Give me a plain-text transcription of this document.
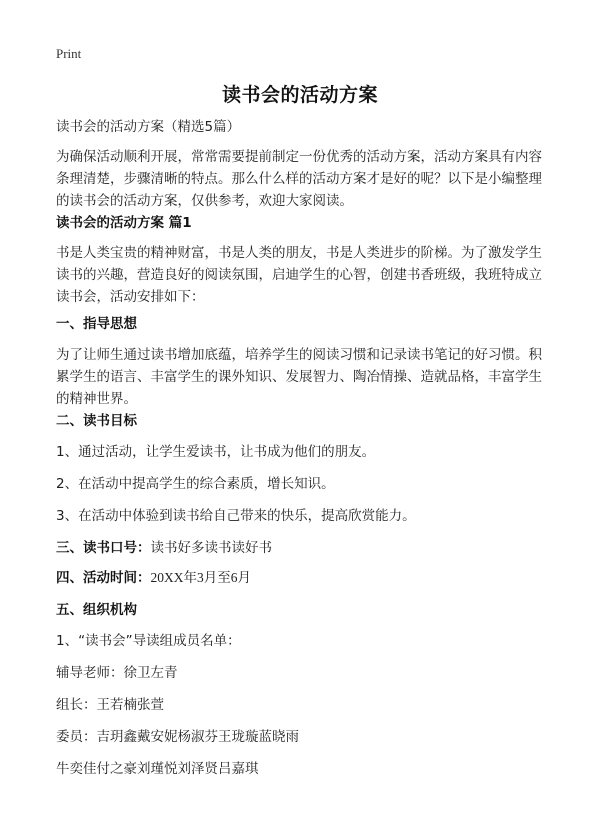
Print
读书会的活动方案
读书会的活动方案（精选5篇）
为确保活动顺利开展，常常需要提前制定一份优秀的活动方案，活动方案具有内容条理清楚，步骤清晰的特点。那么什么样的活动方案才是好的呢？以下是小编整理的读书会的活动方案，仅供参考，欢迎大家阅读。
读书会的活动方案 篇1
书是人类宝贵的精神财富，书是人类的朋友，书是人类进步的阶梯。为了激发学生读书的兴趣，营造良好的阅读氛围，启迪学生的心智，创建书香班级，我班特成立读书会，活动安排如下：
一、指导思想
为了让师生通过读书增加底蕴，培养学生的阅读习惯和记录读书笔记的好习惯。积累学生的语言、丰富学生的课外知识、发展智力、陶冶情操、造就品格，丰富学生的精神世界。
二、读书目标
1、通过活动，让学生爱读书，让书成为他们的朋友。
2、在活动中提高学生的综合素质，增长知识。
3、在活动中体验到读书给自己带来的快乐，提高欣赏能力。
三、读书口号：读书好多读书读好书
四、活动时间：20XX年3月至6月
五、组织机构
1、“读书会”导读组成员名单：
辅导老师：徐卫左青
组长：王若楠张萱
委员：吉玥鑫戴安妮杨淑芬王珑璇蓝晓雨
牛奕佳付之豪刘瑾悦刘泽贤吕嘉琪
